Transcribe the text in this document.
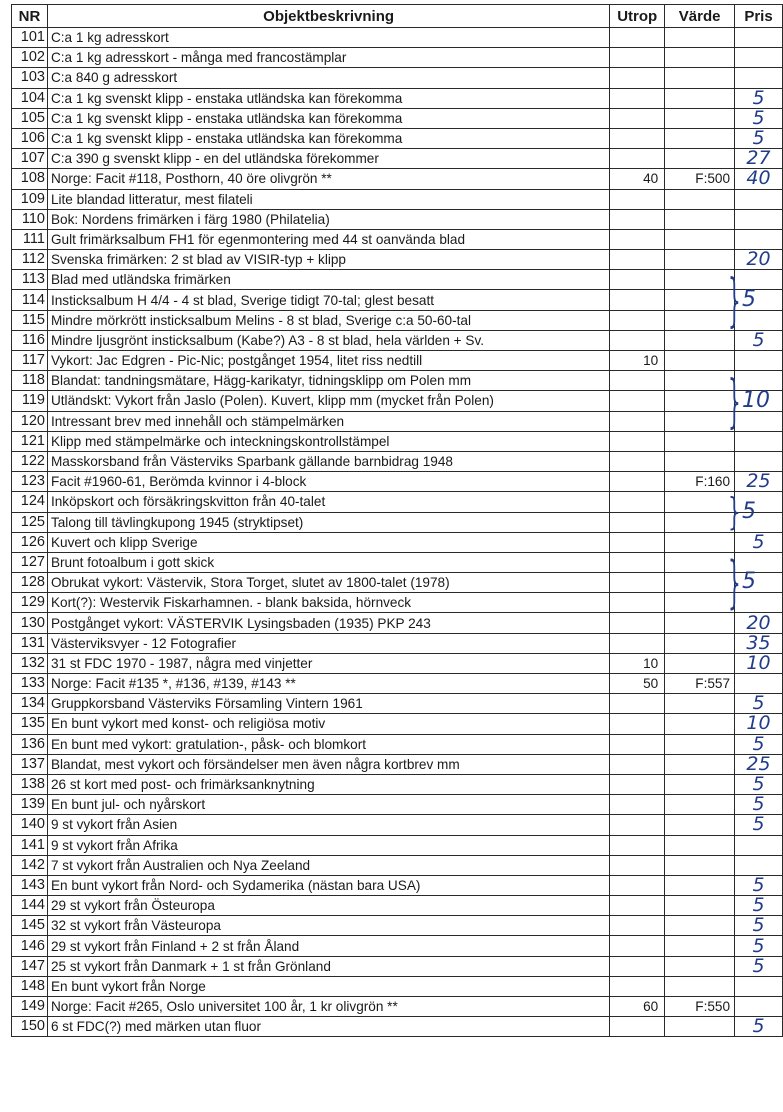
NR	Objektbeskrivning	Utrop	Värde	Pris
101	C:a 1 kg adresskort			
102	C:a 1 kg adresskort - många med francostämplar			
103	C:a 840 g adresskort			
104	C:a 1 kg svenskt klipp - enstaka utländska kan förekomma			5
105	C:a 1 kg svenskt klipp - enstaka utländska kan förekomma			5
106	C:a 1 kg svenskt klipp - enstaka utländska kan förekomma			5
107	C:a 390 g svenskt klipp - en del utländska förekommer			27
108	Norge: Facit #118, Posthorn, 40 öre olivgrön **	40	F:500	40
109	Lite blandad litteratur, mest filateli			
110	Bok: Nordens frimärken i färg 1980 (Philatelia)			
111	Gult frimärksalbum FH1 för egenmontering med 44 st oanvända blad			
112	Svenska frimärken: 2 st blad av VISIR-typ + klipp			20
113	Blad med utländska frimärken			
114	Insticksalbum H 4/4 - 4 st blad, Sverige tidigt 70-tal; glest besatt			
115	Mindre mörkrött insticksalbum Melins - 8 st blad, Sverige c:a 50-60-tal			
116	Mindre ljusgrönt insticksalbum (Kabe?) A3 - 8 st blad, hela världen + Sv.			5
117	Vykort: Jac Edgren - Pic-Nic; postgånget 1954, litet riss nedtill	10		
118	Blandat: tandningsmätare, Hägg-karikatyr, tidningsklipp om Polen mm			
119	Utländskt: Vykort från Jaslo (Polen). Kuvert, klipp mm (mycket från Polen)			
120	Intressant brev med innehåll och stämpelmärken			
121	Klipp med stämpelmärke och inteckningskontrollstämpel			
122	Masskorsband från Västerviks Sparbank gällande barnbidrag 1948			
123	Facit #1960-61, Berömda kvinnor i 4-block		F:160	25
124	Inköpskort och försäkringskvitton från 40-talet			
125	Talong till tävlingkupong 1945 (stryktipset)			
126	Kuvert och klipp Sverige			5
127	Brunt fotoalbum i gott skick			
128	Obrukat vykort: Västervik, Stora Torget, slutet av 1800-talet (1978)			
129	Kort(?): Westervik Fiskarhamnen. - blank baksida, hörnveck			
130	Postgånget vykort: VÄSTERVIK Lysingsbaden (1935) PKP 243			20
131	Västerviksvyer - 12 Fotografier			35
132	31 st FDC 1970 - 1987, några med vinjetter	10		10
133	Norge: Facit #135 *, #136, #139, #143 **	50	F:557	
134	Gruppkorsband Västerviks Församling Vintern 1961			5
135	En bunt vykort med konst- och religiösa motiv			10
136	En bunt med vykort: gratulation-, påsk- och blomkort			5
137	Blandat, mest vykort och försändelser men även några kortbrev mm			25
138	26 st kort med post- och frimärksanknytning			5
139	En bunt jul- och nyårskort			5
140	9 st vykort från Asien			5
141	9 st vykort från Afrika			
142	7 st vykort från Australien och Nya Zeeland			
143	En bunt vykort från Nord- och Sydamerika (nästan bara USA)			5
144	29 st vykort från Östeuropa			5
145	32 st vykort från Västeuropa			5
146	29 st vykort från Finland + 2 st från Åland			5
147	25 st vykort från Danmark + 1 st från Grönland			5
148	En bunt vykort från Norge			
149	Norge: Facit #265, Oslo universitet 100 år, 1 kr olivgrön **	60	F:550	
150	6 st FDC(?) med märken utan fluor			5
} 5
} 10
} 5
} 5
